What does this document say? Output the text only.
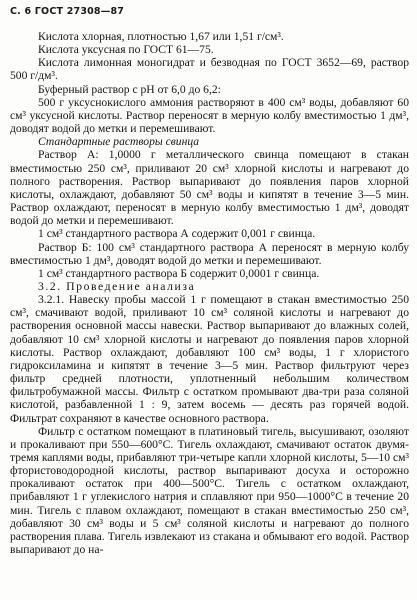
С. 6 ГОСТ 27308—87

Кислота хлорная, плотностью 1,67 или 1,51 г/см³.

Кислота уксусная по ГОСТ 61—75.

Кислота лимонная моногидрат и безводная по ГОСТ 3652—69, раствор 500 г/дм³.

Буферный раствор с рН от 6,0 до 6,2:

500 г уксуснокислого аммония растворяют в 400 см³ воды, добавляют 60 см³ уксусной кислоты. Раствор переносят в мерную колбу вместимостью 1 дм³, доводят водой до метки и перемешивают.

Стандартные растворы свинца

Раствор А: 1,0000 г металлического свинца помещают в стакан вместимостью 250 см³, приливают 20 см³ хлорной кислоты и нагревают до полного растворения. Раствор выпаривают до появления паров хлорной кислоты, охлаждают, добавляют 50 см³ воды и кипятят в течение 3—5 мин. Раствор охлаждают, переносят в мерную колбу вместимостью 1 дм³, доводят водой до метки и перемешивают.

1 см³ стандартного раствора А содержит 0,001 г свинца.

Раствор Б: 100 см³ стандартного раствора А переносят в мерную колбу вместимостью 1 дм³, доводят водой до метки и перемешивают.

1 см³ стандартного раствора Б содержит 0,0001 г свинца.

3.2. Проведение анализа

3.2.1. Навеску пробы массой 1 г помещают в стакан вместимостью 250 см³, смачивают водой, приливают 10 см³ соляной кислоты и нагревают до растворения основной массы навески. Раствор выпаривают до влажных солей, добавляют 10 см³ хлорной кислоты и нагревают до появления паров хлорной кислоты. Раствор охлаждают, добавляют 100 см³ воды, 1 г хлористого гидроксиламина и кипятят в течение 3—5 мин. Раствор фильтруют через фильтр средней плотности, уплотненный небольшим количеством фильтробумажной массы. Фильтр с остатком промывают два-три раза соляной кислотой, разбавленной 1 : 9, затем восемь — десять раз горячей водой. Фильтрат сохраняют в качестве основного раствора.

Фильтр с остатком помещают в платиновый тигель, высушивают, озоляют и прокаливают при 550—600°С. Тигель охлаждают, смачивают остаток двумя-тремя каплями воды, прибавляют три-четыре капли хлорной кислоты, 5—10 см³ фтористоводородной кислоты, раствор выпаривают досуха и осторожно прокаливают остаток при 400—500°С. Тигель с остатком охлаждают, прибавляют 1 г углекислого натрия и сплавляют при 950—1000°С в течение 20 мин. Тигель с плавом охлаждают, помещают в стакан вместимостью 250 см³, добавляют 30 см³ воды и 5 см³ соляной кислоты и нагревают до полного растворения плава. Тигель извлекают из стакана и обмывают его водой. Раствор выпаривают до на-
